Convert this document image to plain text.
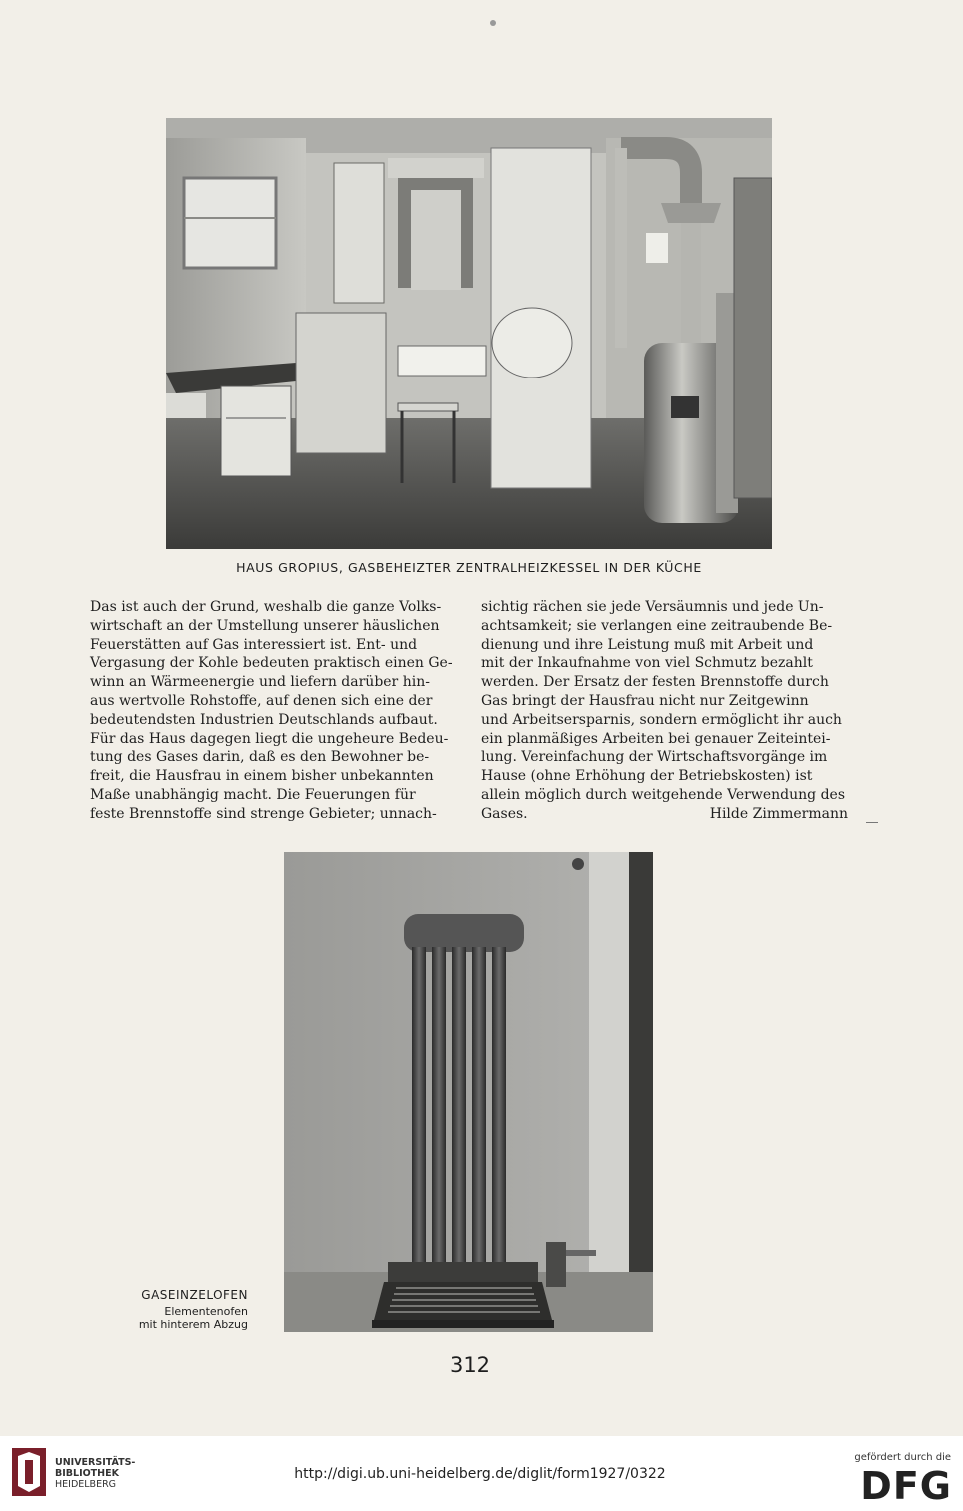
HAUS GROPIUS, GASBEHEIZTER ZENTRALHEIZKESSEL IN DER KÜCHE

Das ist auch der Grund, weshalb die ganze Volks-

wirtschaft an der Umstellung unserer häuslichen

Feuerstätten auf Gas interessiert ist. Ent- und

Vergasung der Kohle bedeuten praktisch einen Ge-

winn an Wärmeenergie und liefern darüber hin-

aus wertvolle Rohstoffe, auf denen sich eine der

bedeutendsten Industrien Deutschlands aufbaut.

Für das Haus dagegen liegt die ungeheure Bedeu-

tung des Gases darin, daß es den Bewohner be-

freit, die Hausfrau in einem bisher unbekannten

Maße unabhängig macht. Die Feuerungen für

feste Brennstoffe sind strenge Gebieter; unnach-

sichtig rächen sie jede Versäumnis und jede Un-

achtsamkeit; sie verlangen eine zeitraubende Be-

dienung und ihre Leistung muß mit Arbeit und

mit der Inkaufnahme von viel Schmutz bezahlt

werden. Der Ersatz der festen Brennstoffe durch

Gas bringt der Hausfrau nicht nur Zeitgewinn

und Arbeitsersparnis, sondern ermöglicht ihr auch

ein planmäßiges Arbeiten bei genauer Zeiteintei-

lung. Vereinfachung der Wirtschaftsvorgänge im

Hause (ohne Erhöhung der Betriebskosten) ist

allein möglich durch weitgehende Verwendung des

Gases.	Hilde Zimmermann
GASEINZELOFEN
Elementenofen
mit hinterem Abzug
312
UNIVERSITÄTS-
BIBLIOTHEK
HEIDELBERG
http://digi.ub.uni-heidelberg.de/diglit/form1927/0322
gefördert durch die
DFG
